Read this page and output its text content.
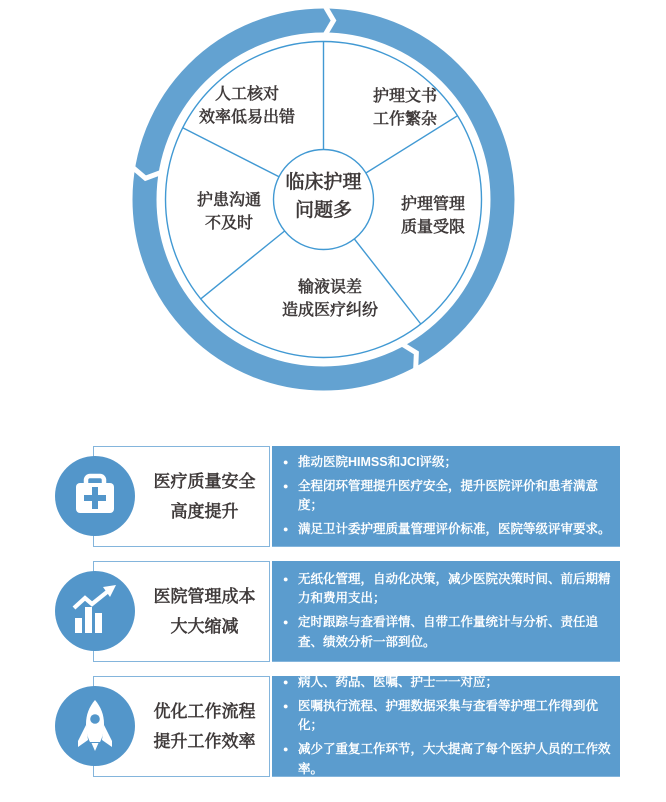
临床护理
问题多
人工核对
效率低易出错
护理文书
工作繁杂
护理管理
质量受限
输液误差
造成医疗纠纷
护患沟通
不及时
医疗质量安全
高度提升
● 推动医院HIMSS和JCI评级；
● 全程闭环管理提升医疗安全，提升医院评价和患者满意度；
● 满足卫计委护理质量管理评价标准，医院等级评审要求。
医院管理成本
大大缩减
● 无纸化管理，自动化决策，减少医院决策时间、前后期精力和费用支出；
● 定时跟踪与查看详情、自带工作量统计与分析、责任追查、绩效分析一部到位。
优化工作流程
提升工作效率
● 病人、药品、医嘱、护士一一对应；
● 医嘱执行流程、护理数据采集与查看等护理工作得到优化；
● 减少了重复工作环节，大大提高了每个医护人员的工作效率。
